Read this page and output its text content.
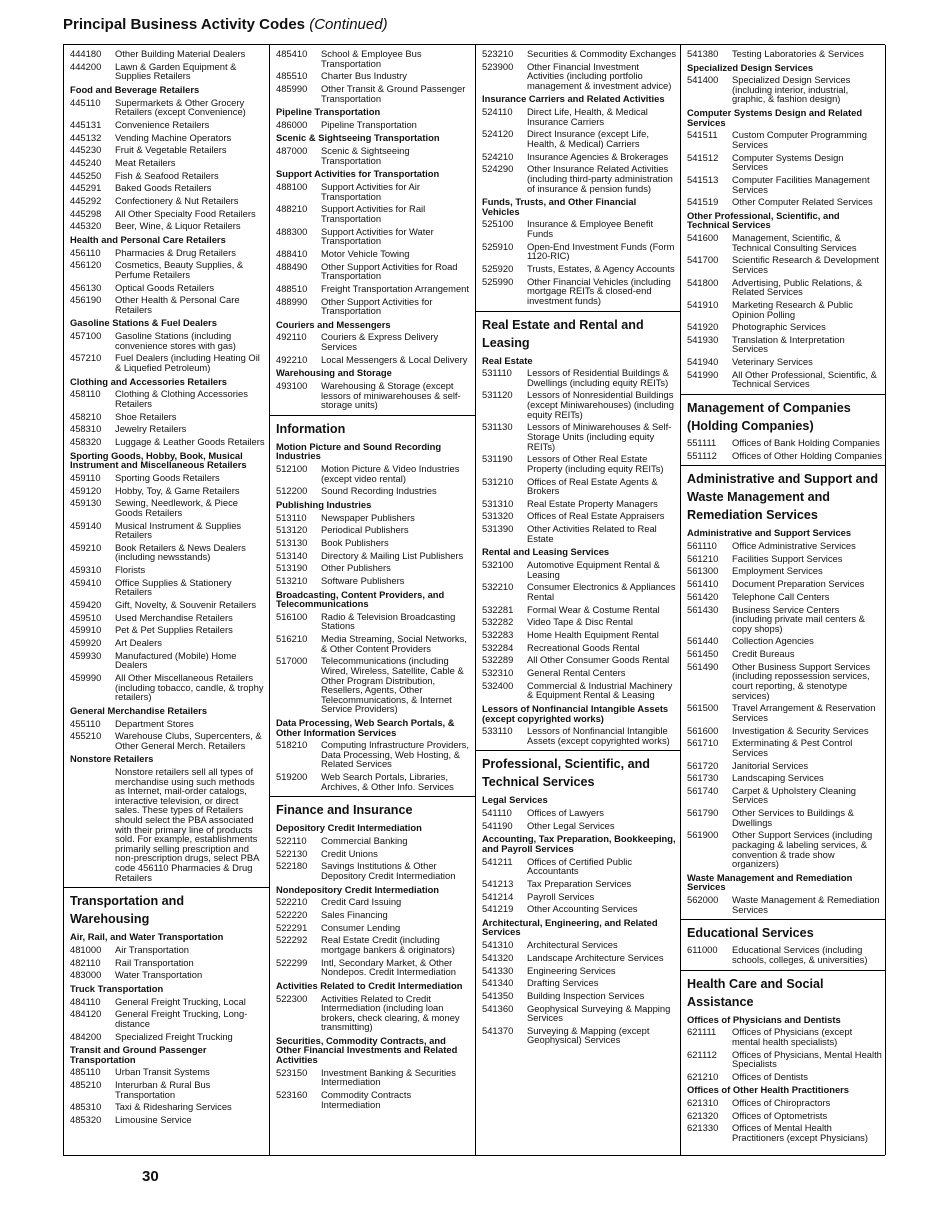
Principal Business Activity Codes (Continued)
444180	Other Building Material Dealers
444200	Lawn & Garden Equipment & Supplies Retailers
Food and Beverage Retailers
445110	Supermarkets & Other Grocery Retailers (except Convenience)
445131	Convenience Retailers
445132	Vending Machine Operators
445230	Fruit & Vegetable Retailers
445240	Meat Retailers
445250	Fish & Seafood Retailers
445291	Baked Goods Retailers
445292	Confectionery & Nut Retailers
445298	All Other Specialty Food Retailers
445320	Beer, Wine, & Liquor Retailers
Health and Personal Care Retailers
456110	Pharmacies & Drug Retailers
456120	Cosmetics, Beauty Supplies, & Perfume Retailers
456130	Optical Goods Retailers
456190	Other Health & Personal Care Retailers
Gasoline Stations & Fuel Dealers
457100	Gasoline Stations (including convenience stores with gas)
457210	Fuel Dealers (including Heating Oil & Liquefied Petroleum)
Clothing and Accessories Retailers
458110	Clothing & Clothing Accessories Retailers
458210	Shoe Retailers
458310	Jewelry Retailers
458320	Luggage & Leather Goods Retailers
Sporting Goods, Hobby, Book, Musical Instrument and Miscellaneous Retailers
459110	Sporting Goods Retailers
459120	Hobby, Toy, & Game Retailers
459130	Sewing, Needlework, & Piece Goods Retailers
459140	Musical Instrument & Supplies Retailers
459210	Book Retailers & News Dealers (including newsstands)
459310	Florists
459410	Office Supplies & Stationery Retailers
459420	Gift, Novelty, & Souvenir Retailers
459510	Used Merchandise Retailers
459910	Pet & Pet Supplies Retailers
459920	Art Dealers
459930	Manufactured (Mobile) Home Dealers
459990	All Other Miscellaneous Retailers (including tobacco, candle, & trophy retailers)
General Merchandise Retailers
455110	Department Stores
455210	Warehouse Clubs, Supercenters, & Other General Merch. Retailers
Nonstore Retailers
Nonstore retailers sell all types of merchandise using such methods as Internet, mail-order catalogs, interactive television, or direct sales. These types of Retailers should select the PBA associated with their primary line of products sold. For example, establishments primarily selling prescription and non-prescription drugs, select PBA code 456110 Pharmacies & Drug Retailers
Transportation and Warehousing
Air, Rail, and Water Transportation
481000	Air Transportation
482110	Rail Transportation
483000	Water Transportation
Truck Transportation
484110	General Freight Trucking, Local
484120	General Freight Trucking, Long-distance
484200	Specialized Freight Trucking
Transit and Ground Passenger Transportation
485110	Urban Transit Systems
485210	Interurban & Rural Bus Transportation
485310	Taxi & Ridesharing Services
485320	Limousine Service
485410	School & Employee Bus Transportation
485510	Charter Bus Industry
485990	Other Transit & Ground Passenger Transportation
Pipeline Transportation
486000	Pipeline Transportation
Scenic & Sightseeing Transportation
487000	Scenic & Sightseeing Transportation
Support Activities for Transportation
488100	Support Activities for Air Transportation
488210	Support Activities for Rail Transportation
488300	Support Activities for Water Transportation
488410	Motor Vehicle Towing
488490	Other Support Activities for Road Transportation
488510	Freight Transportation Arrangement
488990	Other Support Activities for Transportation
Couriers and Messengers
492110	Couriers & Express Delivery Services
492210	Local Messengers & Local Delivery
Warehousing and Storage
493100	Warehousing & Storage (except lessors of miniwarehouses & self-storage units)
Information
Motion Picture and Sound Recording Industries
512100	Motion Picture & Video Industries (except video rental)
512200	Sound Recording Industries
Publishing Industries
513110	Newspaper Publishers
513120	Periodical Publishers
513130	Book Publishers
513140	Directory & Mailing List Publishers
513190	Other Publishers
513210	Software Publishers
Broadcasting, Content Providers, and Telecommunications
516100	Radio & Television Broadcasting Stations
516210	Media Streaming, Social Networks, & Other Content Providers
517000	Telecommunications (including Wired, Wireless, Satellite, Cable & Other Program Distribution, Resellers, Agents, Other Telecommunications, & Internet Service Providers)
Data Processing, Web Search Portals, & Other Information Services
518210	Computing Infrastructure Providers, Data Processing, Web Hosting, & Related Services
519200	Web Search Portals, Libraries, Archives, & Other Info. Services
Finance and Insurance
Depository Credit Intermediation
522110	Commercial Banking
522130	Credit Unions
522180	Savings Institutions & Other Depository Credit Intermediation
Nondepository Credit Intermediation
522210	Credit Card Issuing
522220	Sales Financing
522291	Consumer Lending
522292	Real Estate Credit (including mortgage bankers & originators)
522299	Intl, Secondary Market, & Other Nondepos. Credit Intermediation
Activities Related to Credit Intermediation
522300	Activities Related to Credit Intermediation (including loan brokers, check clearing, & money transmitting)
Securities, Commodity Contracts, and Other Financial Investments and Related Activities
523150	Investment Banking & Securities Intermediation
523160	Commodity Contracts Intermediation
523210	Securities & Commodity Exchanges
523900	Other Financial Investment Activities (including portfolio management & investment advice)
Insurance Carriers and Related Activities
524110	Direct Life, Health, & Medical Insurance Carriers
524120	Direct Insurance (except Life, Health, & Medical) Carriers
524210	Insurance Agencies & Brokerages
524290	Other Insurance Related Activities (including third-party administration of insurance & pension funds)
Funds, Trusts, and Other Financial Vehicles
525100	Insurance & Employee Benefit Funds
525910	Open-End Investment Funds (Form 1120-RIC)
525920	Trusts, Estates, & Agency Accounts
525990	Other Financial Vehicles (including mortgage REITs & closed-end investment funds)
Real Estate and Rental and Leasing
Real Estate
531110	Lessors of Residential Buildings & Dwellings (including equity REITs)
531120	Lessors of Nonresidential Buildings (except Miniwarehouses) (including equity REITs)
531130	Lessors of Miniwarehouses & Self-Storage Units (including equity REITs)
531190	Lessors of Other Real Estate Property (including equity REITs)
531210	Offices of Real Estate Agents & Brokers
531310	Real Estate Property Managers
531320	Offices of Real Estate Appraisers
531390	Other Activities Related to Real Estate
Rental and Leasing Services
532100	Automotive Equipment Rental & Leasing
532210	Consumer Electronics & Appliances Rental
532281	Formal Wear & Costume Rental
532282	Video Tape & Disc Rental
532283	Home Health Equipment Rental
532284	Recreational Goods Rental
532289	All Other Consumer Goods Rental
532310	General Rental Centers
532400	Commercial & Industrial Machinery & Equipment Rental & Leasing
Lessors of Nonfinancial Intangible Assets (except copyrighted works)
533110	Lessors of Nonfinancial Intangible Assets (except copyrighted works)
Professional, Scientific, and Technical Services
Legal Services
541110	Offices of Lawyers
541190	Other Legal Services
Accounting, Tax Preparation, Bookkeeping, and Payroll Services
541211	Offices of Certified Public Accountants
541213	Tax Preparation Services
541214	Payroll Services
541219	Other Accounting Services
Architectural, Engineering, and Related Services
541310	Architectural Services
541320	Landscape Architecture Services
541330	Engineering Services
541340	Drafting Services
541350	Building Inspection Services
541360	Geophysical Surveying & Mapping Services
541370	Surveying & Mapping (except Geophysical) Services
541380	Testing Laboratories & Services
Specialized Design Services
541400	Specialized Design Services (including interior, industrial, graphic, & fashion design)
Computer Systems Design and Related Services
541511	Custom Computer Programming Services
541512	Computer Systems Design Services
541513	Computer Facilities Management Services
541519	Other Computer Related Services
Other Professional, Scientific, and Technical Services
541600	Management, Scientific, & Technical Consulting Services
541700	Scientific Research & Development Services
541800	Advertising, Public Relations, & Related Services
541910	Marketing Research & Public Opinion Polling
541920	Photographic Services
541930	Translation & Interpretation Services
541940	Veterinary Services
541990	All Other Professional, Scientific, & Technical Services
Management of Companies (Holding Companies)
551111	Offices of Bank Holding Companies
551112	Offices of Other Holding Companies
Administrative and Support and Waste Management and Remediation Services
Administrative and Support Services
561110	Office Administrative Services
561210	Facilities Support Services
561300	Employment Services
561410	Document Preparation Services
561420	Telephone Call Centers
561430	Business Service Centers (including private mail centers & copy shops)
561440	Collection Agencies
561450	Credit Bureaus
561490	Other Business Support Services (including repossession services, court reporting, & stenotype services)
561500	Travel Arrangement & Reservation Services
561600	Investigation & Security Services
561710	Exterminating & Pest Control Services
561720	Janitorial Services
561730	Landscaping Services
561740	Carpet & Upholstery Cleaning Services
561790	Other Services to Buildings & Dwellings
561900	Other Support Services (including packaging & labeling services, & convention & trade show organizers)
Waste Management and Remediation Services
562000	Waste Management & Remediation Services
Educational Services
611000	Educational Services (including schools, colleges, & universities)
Health Care and Social Assistance
Offices of Physicians and Dentists
621111	Offices of Physicians (except mental health specialists)
621112	Offices of Physicians, Mental Health Specialists
621210	Offices of Dentists
Offices of Other Health Practitioners
621310	Offices of Chiropractors
621320	Offices of Optometrists
621330	Offices of Mental Health Practitioners (except Physicians)
30
